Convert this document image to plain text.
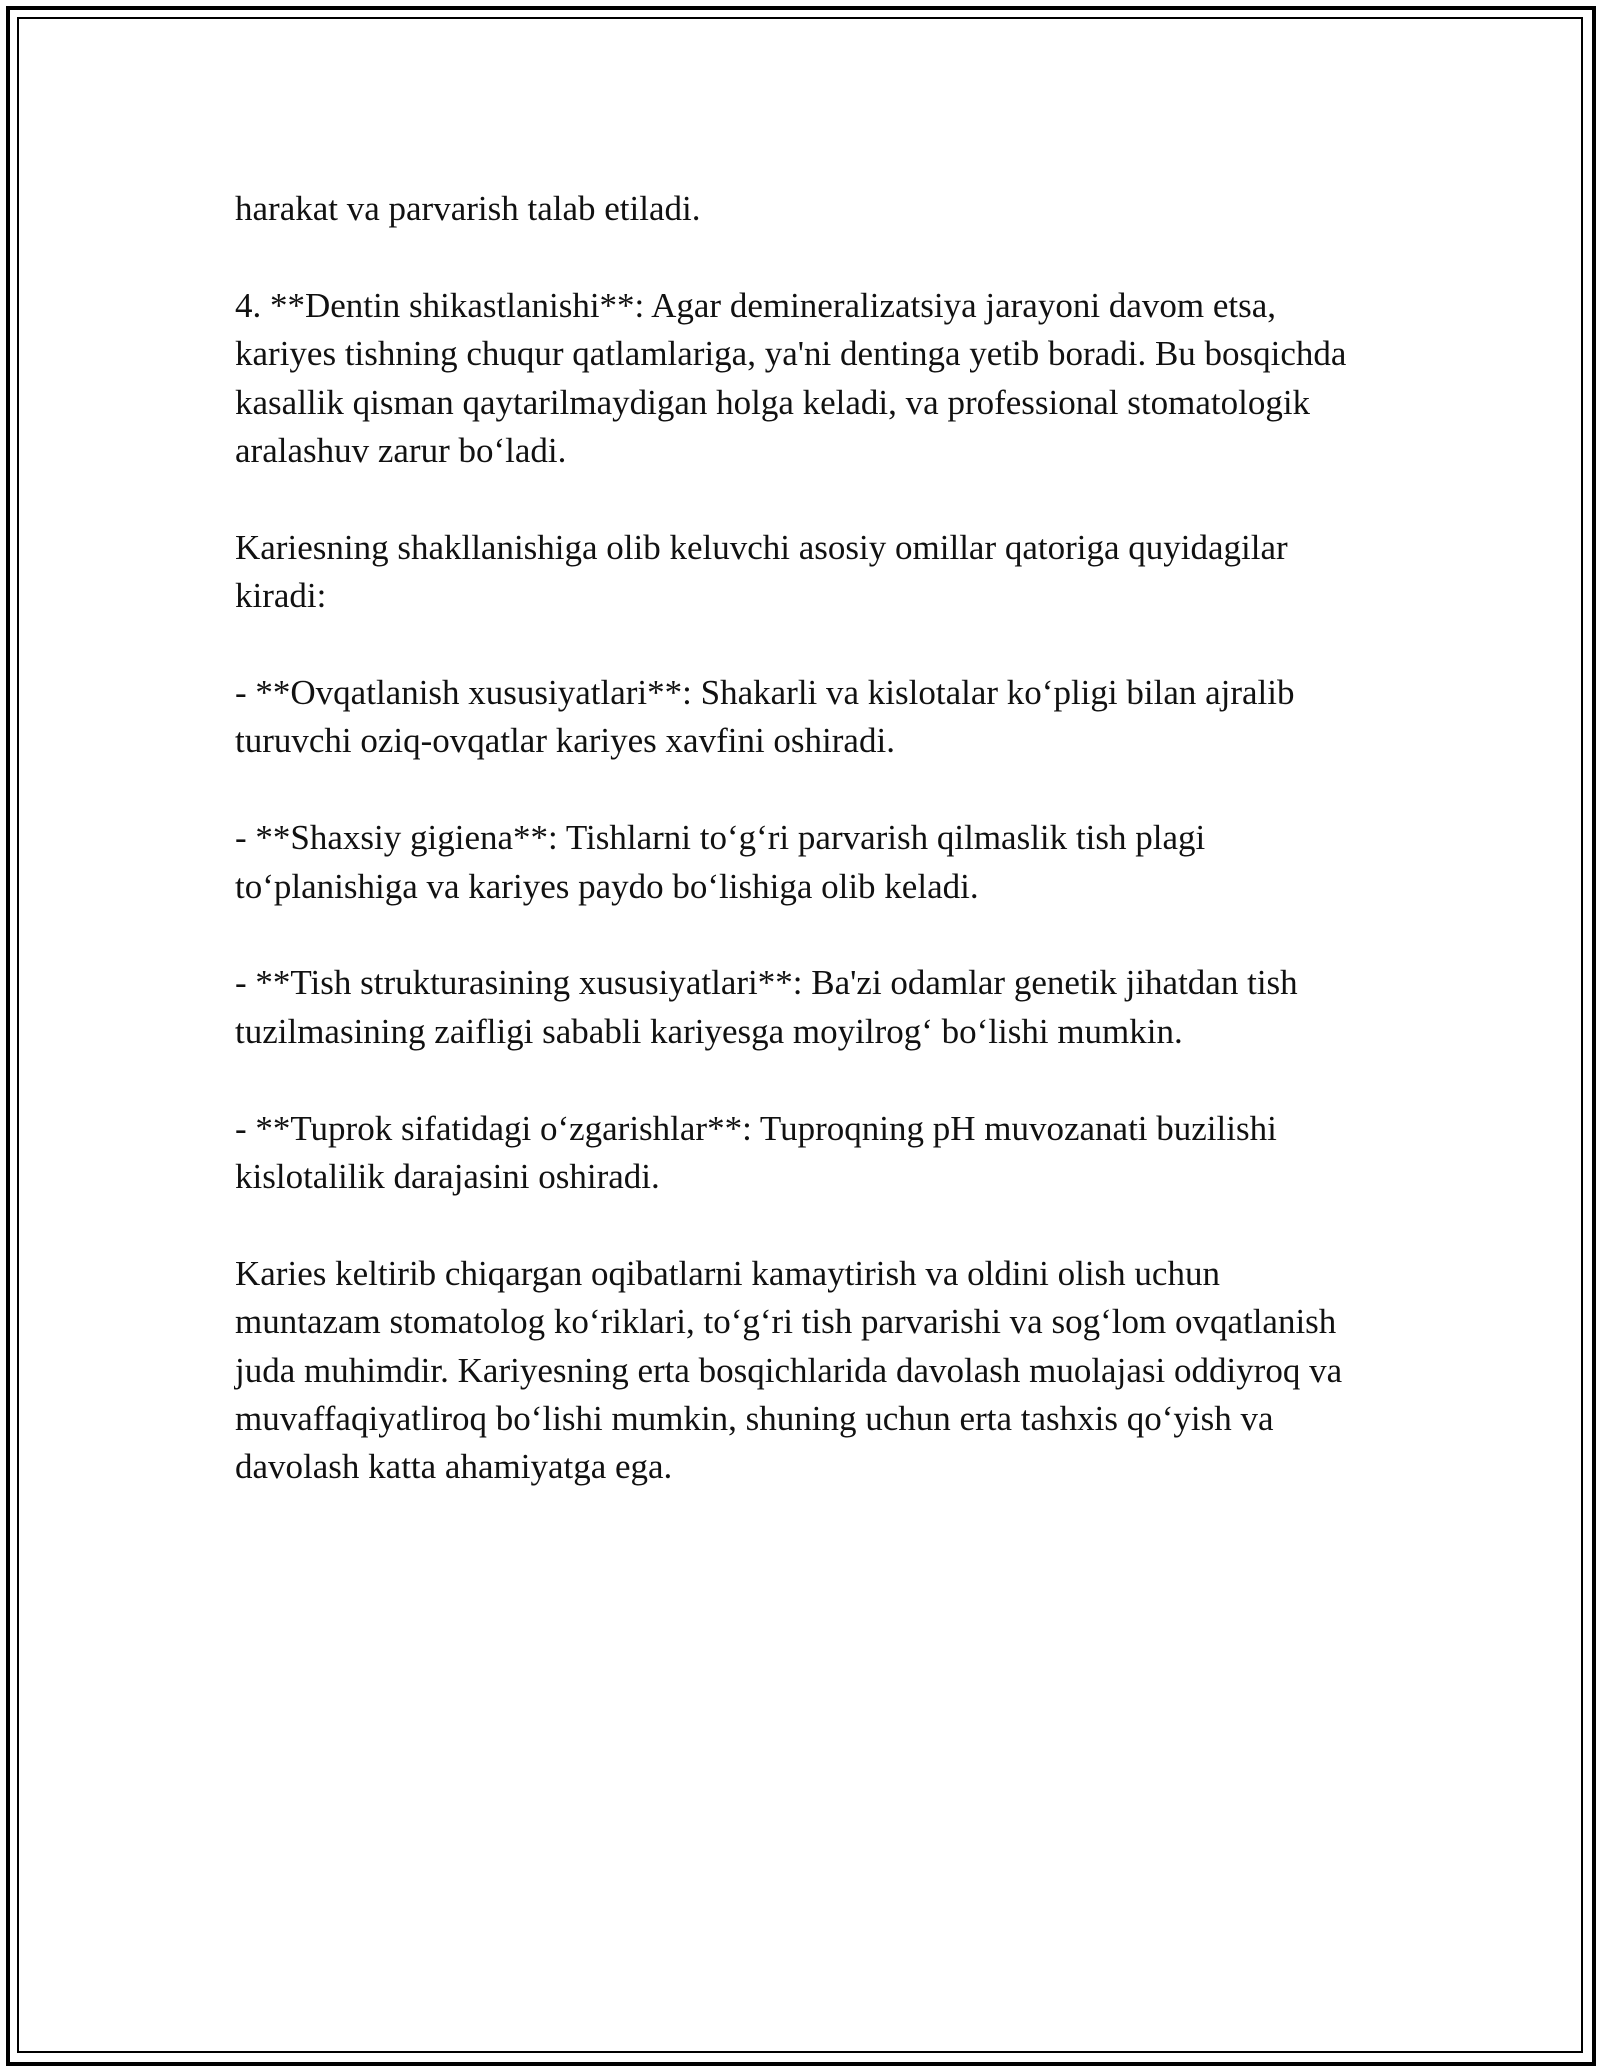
harakat va parvarish talab etiladi.

4. **Dentin shikastlanishi**: Agar demineralizatsiya jarayoni davom etsa, kariyes tishning chuqur qatlamlariga, ya'ni dentinga yetib boradi. Bu bosqichda kasallik qisman qaytarilmaydigan holga keladi, va professional stomatologik aralashuv zarur bo‘ladi.

Kariesning shakllanishiga olib keluvchi asosiy omillar qatoriga quyidagilar kiradi:

- **Ovqatlanish xususiyatlari**: Shakarli va kislotalar ko‘pligi bilan ajralib turuvchi oziq-ovqatlar kariyes xavfini oshiradi.

- **Shaxsiy gigiena**: Tishlarni to‘g‘ri parvarish qilmaslik tish plagi to‘planishiga va kariyes paydo bo‘lishiga olib keladi.

- **Tish strukturasining xususiyatlari**: Ba'zi odamlar genetik jihatdan tish tuzilmasining zaifligi sababli kariyesga moyilrog‘ bo‘lishi mumkin.

- **Tuprok sifatidagi o‘zgarishlar**: Tuproqning pH muvozanati buzilishi kislotalilik darajasini oshiradi.

Karies keltirib chiqargan oqibatlarni kamaytirish va oldini olish uchun muntazam stomatolog ko‘riklari, to‘g‘ri tish parvarishi va sog‘lom ovqatlanish juda muhimdir. Kariyesning erta bosqichlarida davolash muolajasi oddiyroq va muvaffaqiyatliroq bo‘lishi mumkin, shuning uchun erta tashxis qo‘yish va davolash katta ahamiyatga ega.
